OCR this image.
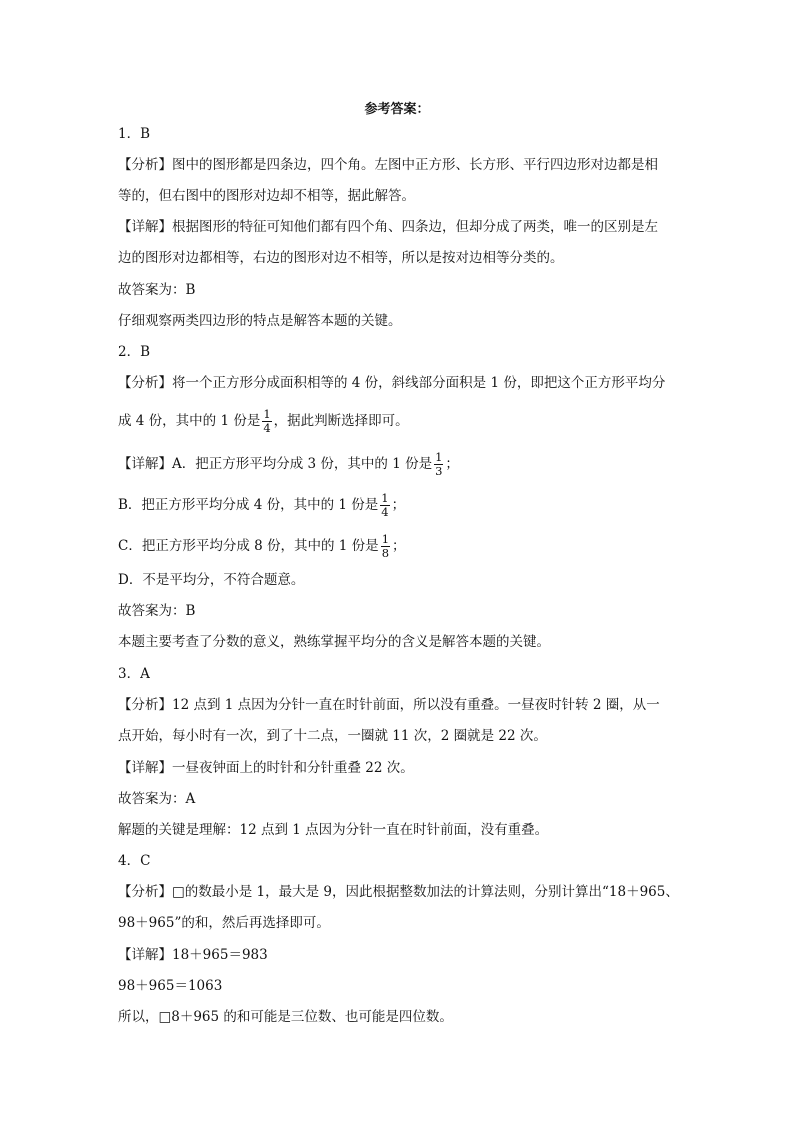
参考答案：
1．B
【分析】图中的图形都是四条边，四个角。左图中正方形、长方形、平行四边形对边都是相
等的，但右图中的图形对边却不相等，据此解答。
【详解】根据图形的特征可知他们都有四个角、四条边，但却分成了两类，唯一的区别是左
边的图形对边都相等，右边的图形对边不相等，所以是按对边相等分类的。
故答案为：B
仔细观察两类四边形的特点是解答本题的关键。
2．B
【分析】将一个正方形分成面积相等的 4 份，斜线部分面积是 1 份，即把这个正方形平均分
成 4 份，其中的 1 份是 $\frac{1}{4}$ ，据此判断选择即可。
【详解】A．把正方形平均分成 3 份，其中的 1 份是 $\frac{1}{3}$ ；
B．把正方形平均分成 4 份，其中的 1 份是 $\frac{1}{4}$ ；
C．把正方形平均分成 8 份，其中的 1 份是 $\frac{1}{8}$ ；
D．不是平均分，不符合题意。
故答案为：B
本题主要考查了分数的意义，熟练掌握平均分的含义是解答本题的关键。
3．A
【分析】12 点到 1 点因为分针一直在时针前面，所以没有重叠。一昼夜时针转 2 圈，从一
点开始，每小时有一次，到了十二点，一圈就 11 次，2 圈就是 22 次。
【详解】一昼夜钟面上的时针和分针重叠 22 次。
故答案为：A
解题的关键是理解：12 点到 1 点因为分针一直在时针前面，没有重叠。
4．C
【分析】□的数最小是 1，最大是 9，因此根据整数加法的计算法则，分别计算出“18＋965、
98＋965”的和，然后再选择即可。
【详解】18＋965＝983
98＋965＝1063
所以，□8＋965 的和可能是三位数、也可能是四位数。
